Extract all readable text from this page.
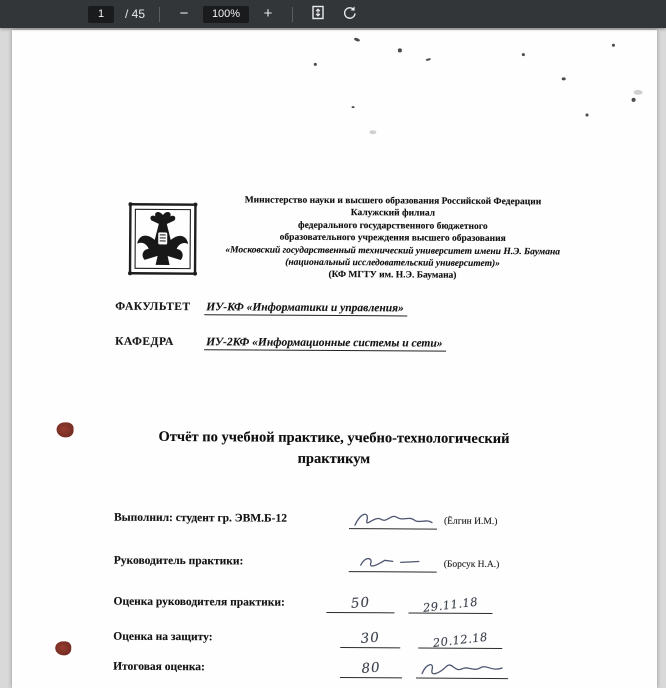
1
/ 45	−	100%	+
Министерство науки и высшего образования Российской Федерации
Калужский филиал
федерального государственного бюджетного
образовательного учреждения высшего образования
«Московский государственный технический университет имени Н.Э. Баумана
(национальный исследовательский университет)»
(КФ МГТУ им. Н.Э. Баумана)
ФАКУЛЬТЕТ ИУ-КФ «Информатики и управления»
КАФЕДРА	ИУ-2КФ «Информационные системы и сети»
Отчёт по учебной практике, учебно-технологический
практикум
Выполнил: студент гр. ЭВМ.Б-12	(Ёлгин И.М.)
Руководитель практики:	(Борсук Н.А.)
Оценка руководителя практики:	50	29.11.18
Оценка на защиту:	30	20.12.18
Итоговая оценка:	80
